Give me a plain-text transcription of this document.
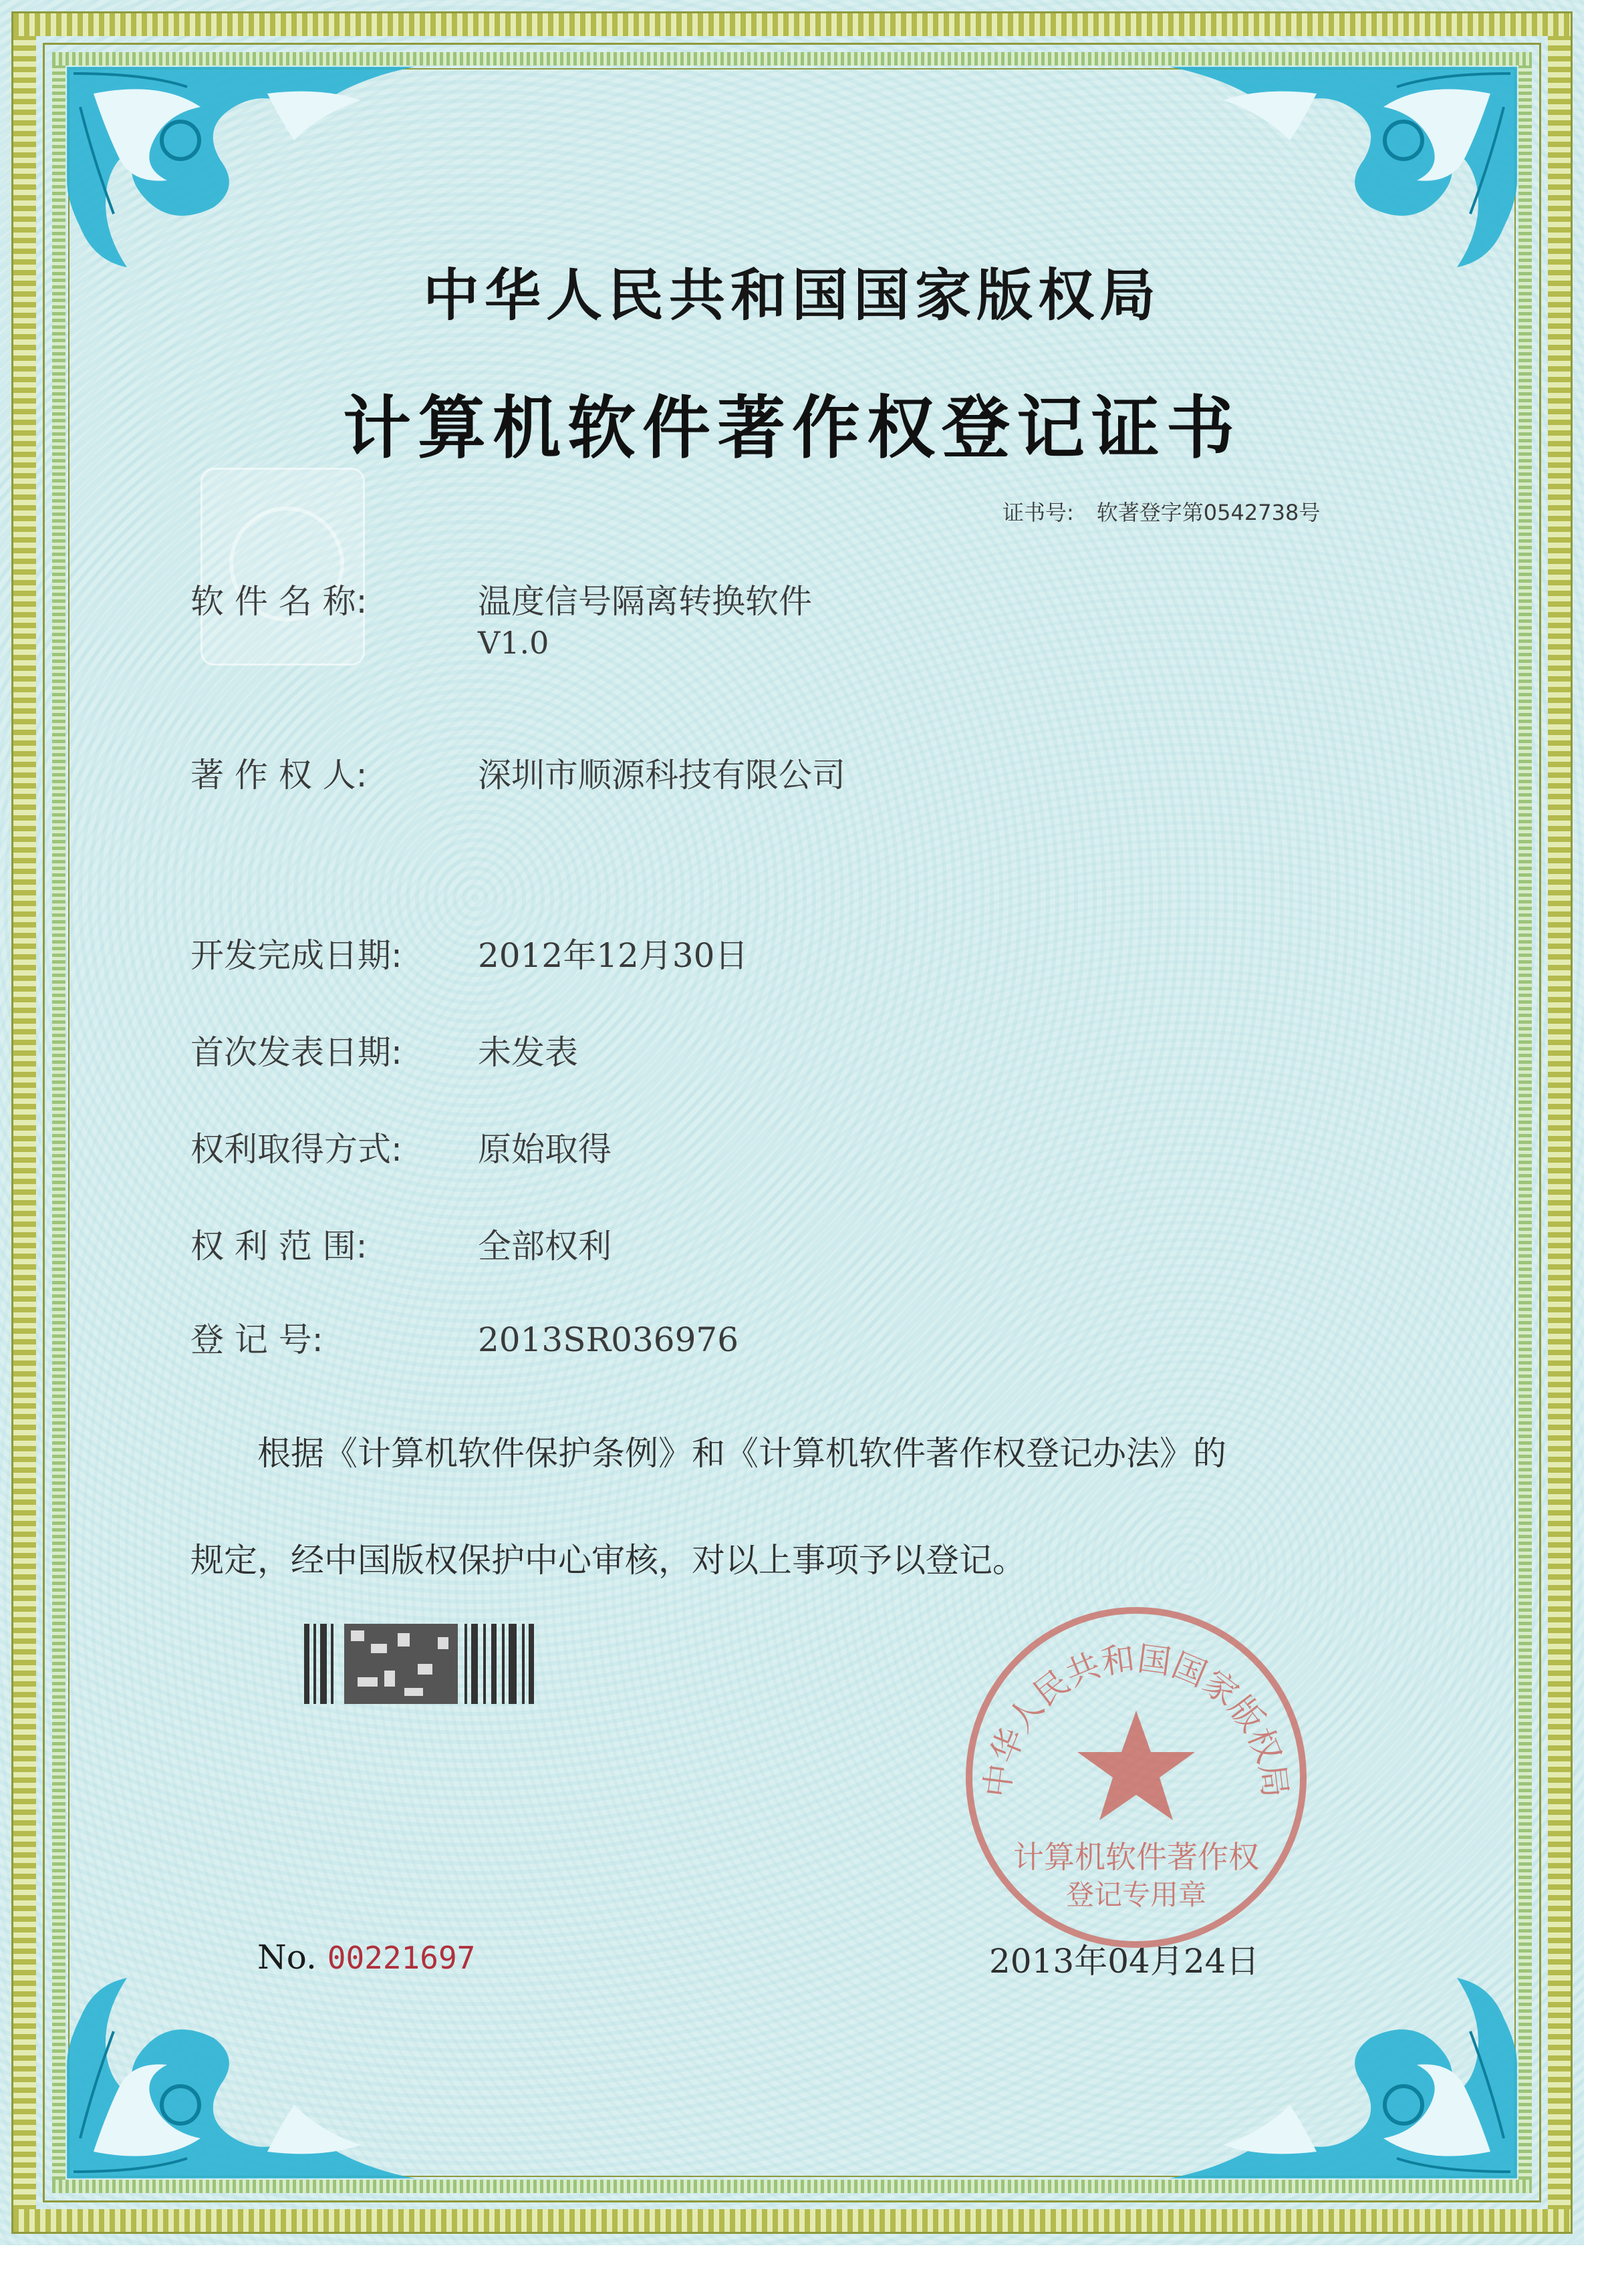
中华人民共和国国家版权局
计算机软件著作权登记证书
证书号: 软著登字第0542738号
软 件 名 称:	温度信号隔离转换软件
V1.0
著 作 权 人:	深圳市顺源科技有限公司
开发完成日期: 2012年12月30日
首次发表日期: 未发表
权利取得方式: 原始取得
权 利 范 围:	全部权利
登 记 号:	2013SR036976
根据《计算机软件保护条例》和《计算机软件著作权登记办法》的
规定，经中国版权保护中心审核，对以上事项予以登记。
中华人民共和国国家版权局
计算机软件著作权
登记专用章
No. 00221697	2013年04月24日
